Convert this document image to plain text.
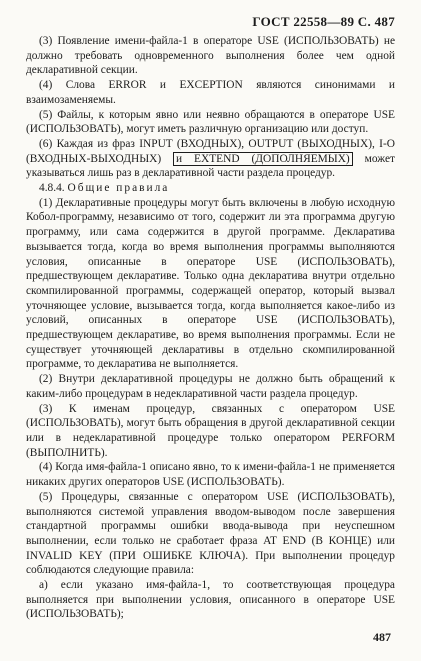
ГОСТ 22558—89 С. 487

(3) Появление имени-файла-1 в операторе USE (ИСПОЛЬЗОВАТЬ) не должно требовать одновременного выполнения более чем одной декларативной секции.

(4) Слова ERROR и EXCEPTION являются синонимами и взаимозаменяемы.

(5) Файлы, к которым явно или неявно обращаются в операторе USE (ИСПОЛЬЗОВАТЬ), могут иметь различную организацию или доступ.

(6) Каждая из фраз INPUT (ВХОДНЫХ), OUTPUT (ВЫХОДНЫХ), I-O (ВХОДНЫХ-ВЫХОДНЫХ) и EXTEND (ДОПОЛНЯЕМЫХ) может указываться лишь раз в декларативной части раздела процедур.

4.8.4. Общие правила

(1) Декларативные процедуры могут быть включены в любую исходную Кобол-программу, независимо от того, содержит ли эта программа другую программу, или сама содержится в другой программе. Декларатива вызывается тогда, когда во время выполнения программы выполняются условия, описанные в операторе USE (ИСПОЛЬЗОВАТЬ), предшествующем декларативе. Только одна декларатива внутри отдельно скомпилированной программы, содержащей оператор, который вызвал уточняющее условие, вызывается тогда, когда выполняется какое-либо из условий, описанных в операторе USE (ИСПОЛЬЗОВАТЬ), предшествующем декларативе, во время выполнения программы. Если не существует уточняющей декларативы в отдельно скомпилированной программе, то декларатива не выполняется.

(2) Внутри декларативной процедуры не должно быть обращений к каким-либо процедурам в недекларативной части раздела процедур.

(3) К именам процедур, связанных с оператором USE (ИСПОЛЬЗОВАТЬ), могут быть обращения в другой декларативной секции или в недекларативной процедуре только оператором PERFORM (ВЫПОЛНИТЬ).

(4) Когда имя-файла-1 описано явно, то к имени-файла-1 не применяется никаких других операторов USE (ИСПОЛЬЗОВАТЬ).

(5) Процедуры, связанные с оператором USE (ИСПОЛЬЗОВАТЬ), выполняются системой управления вводом-выводом после завершения стандартной программы ошибки ввода-вывода при неуспешном выполнении, если только не сработает фраза AT END (В КОНЦЕ) или INVALID KEY (ПРИ ОШИБКЕ КЛЮЧА). При выполнении процедур соблюдаются следующие правила:

а) если указано имя-файла-1, то соответствующая процедура выполняется при выполнении условия, описанного в операторе USE (ИСПОЛЬЗОВАТЬ);

487
